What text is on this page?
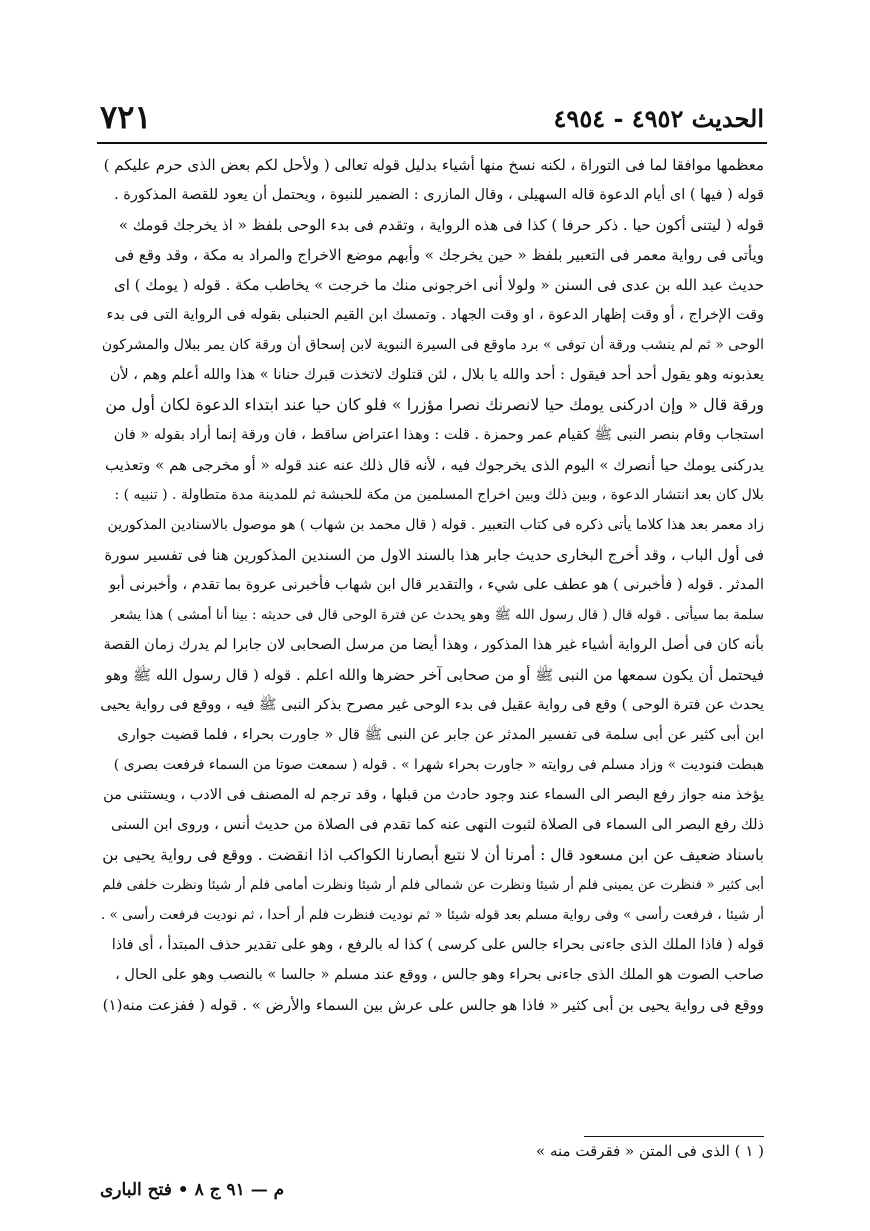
الحديث ٤٩٥٢ - ٤٩٥٤
٧٢١
معظمها موافقا لما فى التوراة ، لكنه نسخ منها أشياء بدليل قوله تعالى ( ولأحل لكم بعض الذى حرم عليكم )
قوله ( فيها ) اى أيام الدعوة قاله السهيلى ، وقال المازرى : الضمير للنبوة ، ويحتمل أن يعود للقصة المذكورة .
قوله ( ليتنى أكون حيا . ذكر حرفا ) كذا فى هذه الرواية ، وتقدم فى بدء الوحى بلفظ « اذ يخرجك قومك »
ويأتى فى رواية معمر فى التعبير بلفظ « حين يخرجك » وأبهم موضع الاخراج والمراد به مكة ، وقد وقع فى
حديث عبد الله بن عدى فى السنن « ولولا أنى اخرجونى منك ما خرجت » يخاطب مكة . قوله ( يومك ) اى
وقت الإخراج ، أو وقت إظهار الدعوة ، او وقت الجهاد . وتمسك ابن القيم الحنبلى بقوله فى الرواية التى فى بدء
الوحى « ثم لم ينشب ورقة أن توفى » برد ماوقع فى السيرة النبوية لابن إسحاق أن ورقة كان يمر ببلال والمشركون
يعذبونه وهو يقول أحد أحد فيقول : أحد والله يا بلال ، لئن قتلوك لاتخذت قبرك حنانا » هذا والله أعلم وهم ، لأن
ورقة قال « وإن ادركنى يومك حيا لانصرنك نصرا مؤزرا » فلو كان حيا عند ابتداء الدعوة لكان أول من
استجاب وقام بنصر النبى ﷺ كقيام عمر وحمزة . قلت : وهذا اعتراض ساقط ، فان ورقة إنما أراد بقوله « فان
يدركنى يومك حيا أنصرك » اليوم الذى يخرجوك فيه ، لأنه قال ذلك عنه عند قوله « أو مخرجى هم » وتعذيب
بلال كان بعد انتشار الدعوة ، وبين ذلك وبين اخراج المسلمين من مكة للحبشة ثم للمدينة مدة متطاولة . ( تنبيه ) :
زاد معمر بعد هذا كلاما يأتى ذكره فى كتاب التعبير . قوله ( قال محمد بن شهاب ) هو موصول بالاسنادين المذكورين
فى أول الباب ، وقد أخرج البخارى حديث جابر هذا بالسند الاول من السندين المذكورين هنا فى تفسير سورة
المدثر . قوله ( فأخبرنى ) هو عطف على شيء ، والتقدير قال ابن شهاب فأخبرنى عروة بما تقدم ، وأخبرنى أبو
سلمة بما سيأتى . قوله قال ( قال رسول الله ﷺ وهو يحدث عن فترة الوحى قال فى حديثه : بينا أنا أمشى ) هذا يشعر
بأنه كان فى أصل الرواية أشياء غير هذا المذكور ، وهذا أيضا من مرسل الصحابى لان جابرا لم يدرك زمان القصة
فيحتمل أن يكون سمعها من النبى ﷺ أو من صحابى آخر حضرها والله اعلم . قوله ( قال رسول الله ﷺ وهو
يحدث عن فترة الوحى ) وقع فى رواية عقيل فى بدء الوحى غير مصرح بذكر النبى ﷺ فيه ، ووقع فى رواية يحيى
ابن أبى كثير عن أبى سلمة فى تفسير المدثر عن جابر عن النبى ﷺ قال « جاورت بحراء ، فلما قضيت جوارى
هبطت فنوديت » وزاد مسلم فى روايته « جاورت بحراء شهرا » . قوله ( سمعت صوتا من السماء فرفعت بصرى )
يؤخذ منه جواز رفع البصر الى السماء عند وجود حادث من قبلها ، وقد ترجم له المصنف فى الادب ، ويستثنى من
ذلك رفع البصر الى السماء فى الصلاة لثبوت النهى عنه كما تقدم فى الصلاة من حديث أنس ، وروى ابن السنى
باسناد ضعيف عن ابن مسعود قال : أمرنا أن لا نتبع أبصارنا الكواكب اذا انقضت . ووقع فى رواية يحيى بن
أبى كثير « فنظرت عن يمينى فلم أر شيئا ونظرت عن شمالى فلم أر شيئا ونظرت أمامى فلم أر شيئا ونظرت خلفى فلم
أر شيئا ، فرفعت رأسى » وفى رواية مسلم بعد قوله شيئا « ثم نوديت فنظرت فلم أر أحدا ، ثم نوديت فرفعت رأسى » .
قوله ( فاذا الملك الذى جاءنى بحراء جالس على كرسى ) كذا له بالرفع ، وهو على تقدير حذف المبتدأ ، أى فاذا
صاحب الصوت هو الملك الذى جاءنى بحراء وهو جالس ، ووقع عند مسلم « جالسا » بالنصب وهو على الحال ،
ووقع فى رواية يحيى بن أبى كثير « فاذا هو جالس على عرش بين السماء والأرض » . قوله ( ففزعت منه(١)
( ١ ) الذى فى المتن « فقرقت منه »
م — ٩١ ج ٨ • فتح البارى
